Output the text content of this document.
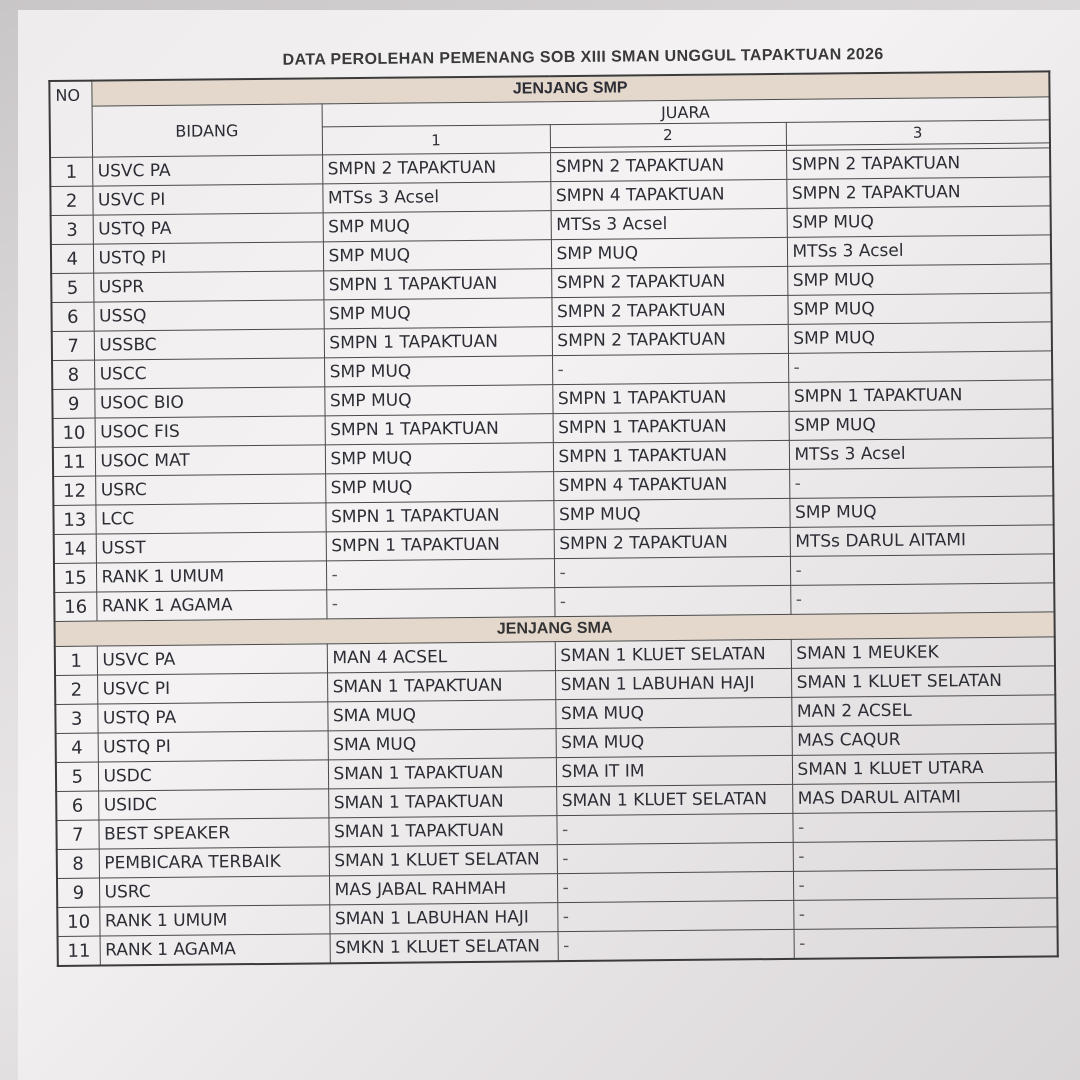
DATA PEROLEHAN PEMENANG SOB XIII SMAN UNGGUL TAPAKTUAN 2026
NO	JENJANG SMP			
	BIDANG	JUARA		
		1	2	3

1	USVC PA	SMPN 2 TAPAKTUAN	SMPN 2 TAPAKTUAN	SMPN 2 TAPAKTUAN
2	USVC PI	MTSs 3 Acsel	SMPN 4 TAPAKTUAN	SMPN 2 TAPAKTUAN
3	USTQ PA	SMP MUQ	MTSs 3 Acsel	SMP MUQ
4	USTQ PI	SMP MUQ	SMP MUQ	MTSs 3 Acsel
5	USPR	SMPN 1 TAPAKTUAN	SMPN 2 TAPAKTUAN	SMP MUQ
6	USSQ	SMP MUQ	SMPN 2 TAPAKTUAN	SMP MUQ
7	USSBC	SMPN 1 TAPAKTUAN	SMPN 2 TAPAKTUAN	SMP MUQ
8	USCC	SMP MUQ	-	-
9	USOC BIO	SMP MUQ	SMPN 1 TAPAKTUAN	SMPN 1 TAPAKTUAN
10	USOC FIS	SMPN 1 TAPAKTUAN	SMPN 1 TAPAKTUAN	SMP MUQ
11	USOC MAT	SMP MUQ	SMPN 1 TAPAKTUAN	MTSs 3 Acsel
12	USRC	SMP MUQ	SMPN 4 TAPAKTUAN	-
13	LCC	SMPN 1 TAPAKTUAN	SMP MUQ	SMP MUQ
14	USST	SMPN 1 TAPAKTUAN	SMPN 2 TAPAKTUAN	MTSs DARUL AITAMI
15	RANK 1 UMUM	-	-	-
16	RANK 1 AGAMA	-	-	-
JENJANG SMA				
1	USVC PA	MAN 4 ACSEL	SMAN 1 KLUET SELATAN	SMAN 1 MEUKEK
2	USVC PI	SMAN 1 TAPAKTUAN	SMAN 1 LABUHAN HAJI	SMAN 1 KLUET SELATAN
3	USTQ PA	SMA MUQ	SMA MUQ	MAN 2 ACSEL
4	USTQ PI	SMA MUQ	SMA MUQ	MAS CAQUR
5	USDC	SMAN 1 TAPAKTUAN	SMA IT IM	SMAN 1 KLUET UTARA
6	USIDC	SMAN 1 TAPAKTUAN	SMAN 1 KLUET SELATAN	MAS DARUL AITAMI
7	BEST SPEAKER	SMAN 1 TAPAKTUAN	-	-
8	PEMBICARA TERBAIK	SMAN 1 KLUET SELATAN	-	-
9	USRC	MAS JABAL RAHMAH	-	-
10	RANK 1 UMUM	SMAN 1 LABUHAN HAJI	-	-
11	RANK 1 AGAMA	SMKN 1 KLUET SELATAN	-	-
